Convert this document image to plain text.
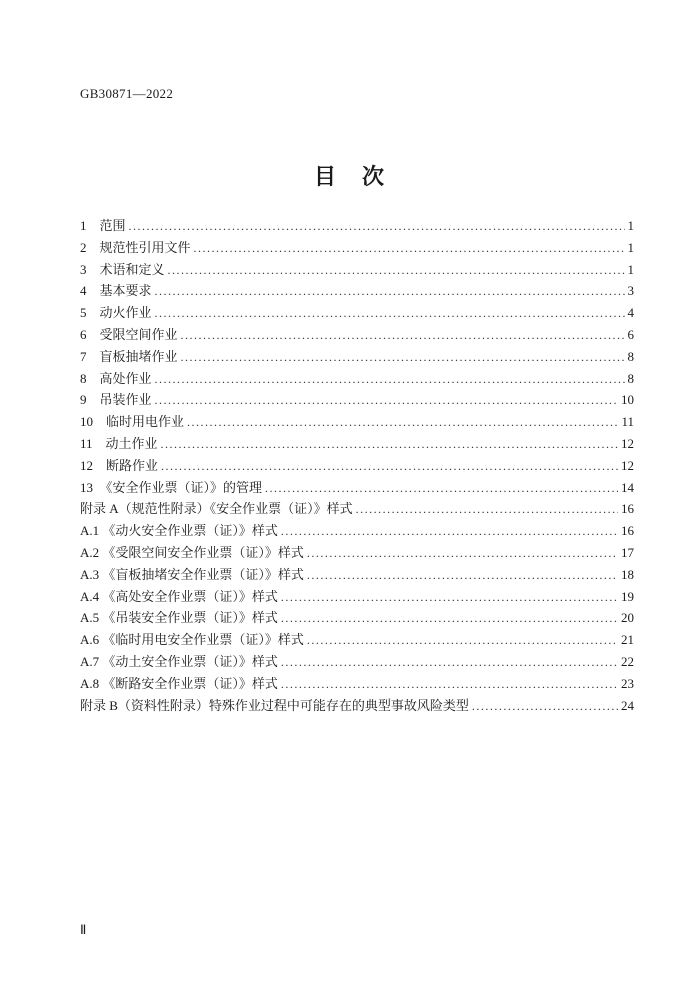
GB30871—2022
目　次
1　范围 .....	1
2　规范性引用文件 .....	1
3　术语和定义 .....	1
4　基本要求 .....	3
5　动火作业 .....	4
6　受限空间作业 .....	6
7　盲板抽堵作业 .....	8
8　高处作业 .....	8
9　吊装作业 .....	10
10　临时用电作业 .....	11
11　动土作业 .....	12
12　断路作业 .....	12
13　《安全作业票（证）》的管理 .....	14
附录 A（规范性附录）《安全作业票（证）》样式 .....	16
A.1 《动火安全作业票（证）》样式 .....	16
A.2 《受限空间安全作业票（证）》样式 .....	17
A.3 《盲板抽堵安全作业票（证）》样式 .....	18
A.4 《高处安全作业票（证）》样式 .....	19
A.5 《吊装安全作业票（证）》样式 .....	20
A.6 《临时用电安全作业票（证）》样式 .....	21
A.7 《动土安全作业票（证）》样式 .....	22
A.8 《断路安全作业票（证）》样式 .....	23
附录 B（资料性附录）特殊作业过程中可能存在的典型事故风险类型 .....	24
Ⅱ
